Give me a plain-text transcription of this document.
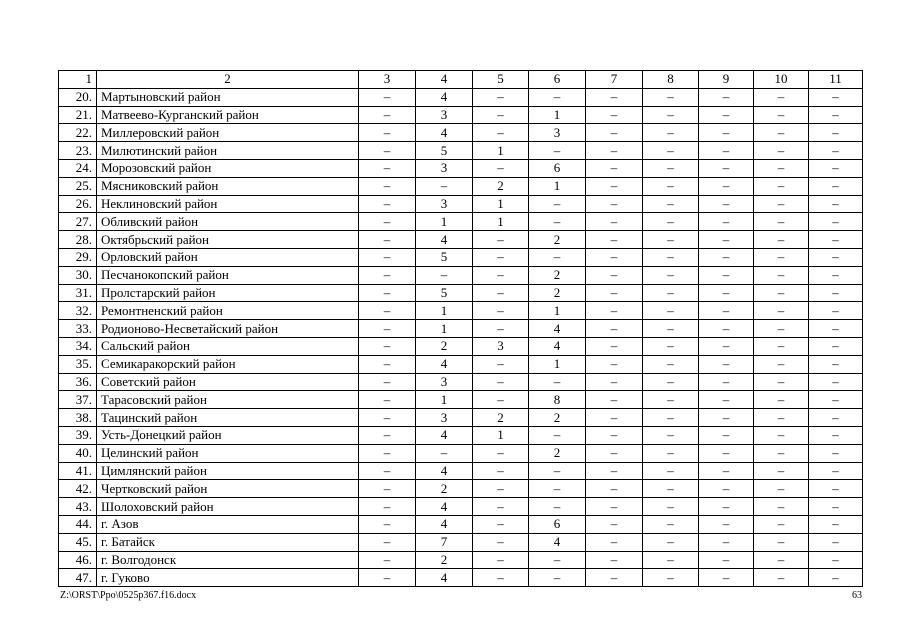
1	2	3	4	5	6	7	8	9	10	11
20.	Мартыновский район	–	4	–	–	–	–	–	–	–
21.	Матвеево-Курганский район	–	3	–	1	–	–	–	–	–
22.	Миллеровский район	–	4	–	3	–	–	–	–	–
23.	Милютинский район	–	5	1	–	–	–	–	–	–
24.	Морозовский район	–	3	–	6	–	–	–	–	–
25.	Мясниковский район	–	–	2	1	–	–	–	–	–
26.	Неклиновский район	–	3	1	–	–	–	–	–	–
27.	Обливский район	–	1	1	–	–	–	–	–	–
28.	Октябрьский район	–	4	–	2	–	–	–	–	–
29.	Орловский район	–	5	–	–	–	–	–	–	–
30.	Песчанокопский район	–	–	–	2	–	–	–	–	–
31.	Пролстарский район	–	5	–	2	–	–	–	–	–
32.	Ремонтненский район	–	1	–	1	–	–	–	–	–
33.	Родионово-Несветайский район	–	1	–	4	–	–	–	–	–
34.	Сальский район	–	2	3	4	–	–	–	–	–
35.	Семикаракорский район	–	4	–	1	–	–	–	–	–
36.	Советский район	–	3	–	–	–	–	–	–	–
37.	Тарасовский район	–	1	–	8	–	–	–	–	–
38.	Тацинский район	–	3	2	2	–	–	–	–	–
39.	Усть-Донецкий район	–	4	1	–	–	–	–	–	–
40.	Целинский район	–	–	–	2	–	–	–	–	–
41.	Цимлянский район	–	4	–	–	–	–	–	–	–
42.	Чертковский район	–	2	–	–	–	–	–	–	–
43.	Шолоховский район	–	4	–	–	–	–	–	–	–
44.	г. Азов	–	4	–	6	–	–	–	–	–
45.	г. Батайск	–	7	–	4	–	–	–	–	–
46.	г. Волгодонск	–	2	–	–	–	–	–	–	–
47.	г. Гуково	–	4	–	–	–	–	–	–	–
Z:\ORST\Ppo\0525p367.f16.docx	63
